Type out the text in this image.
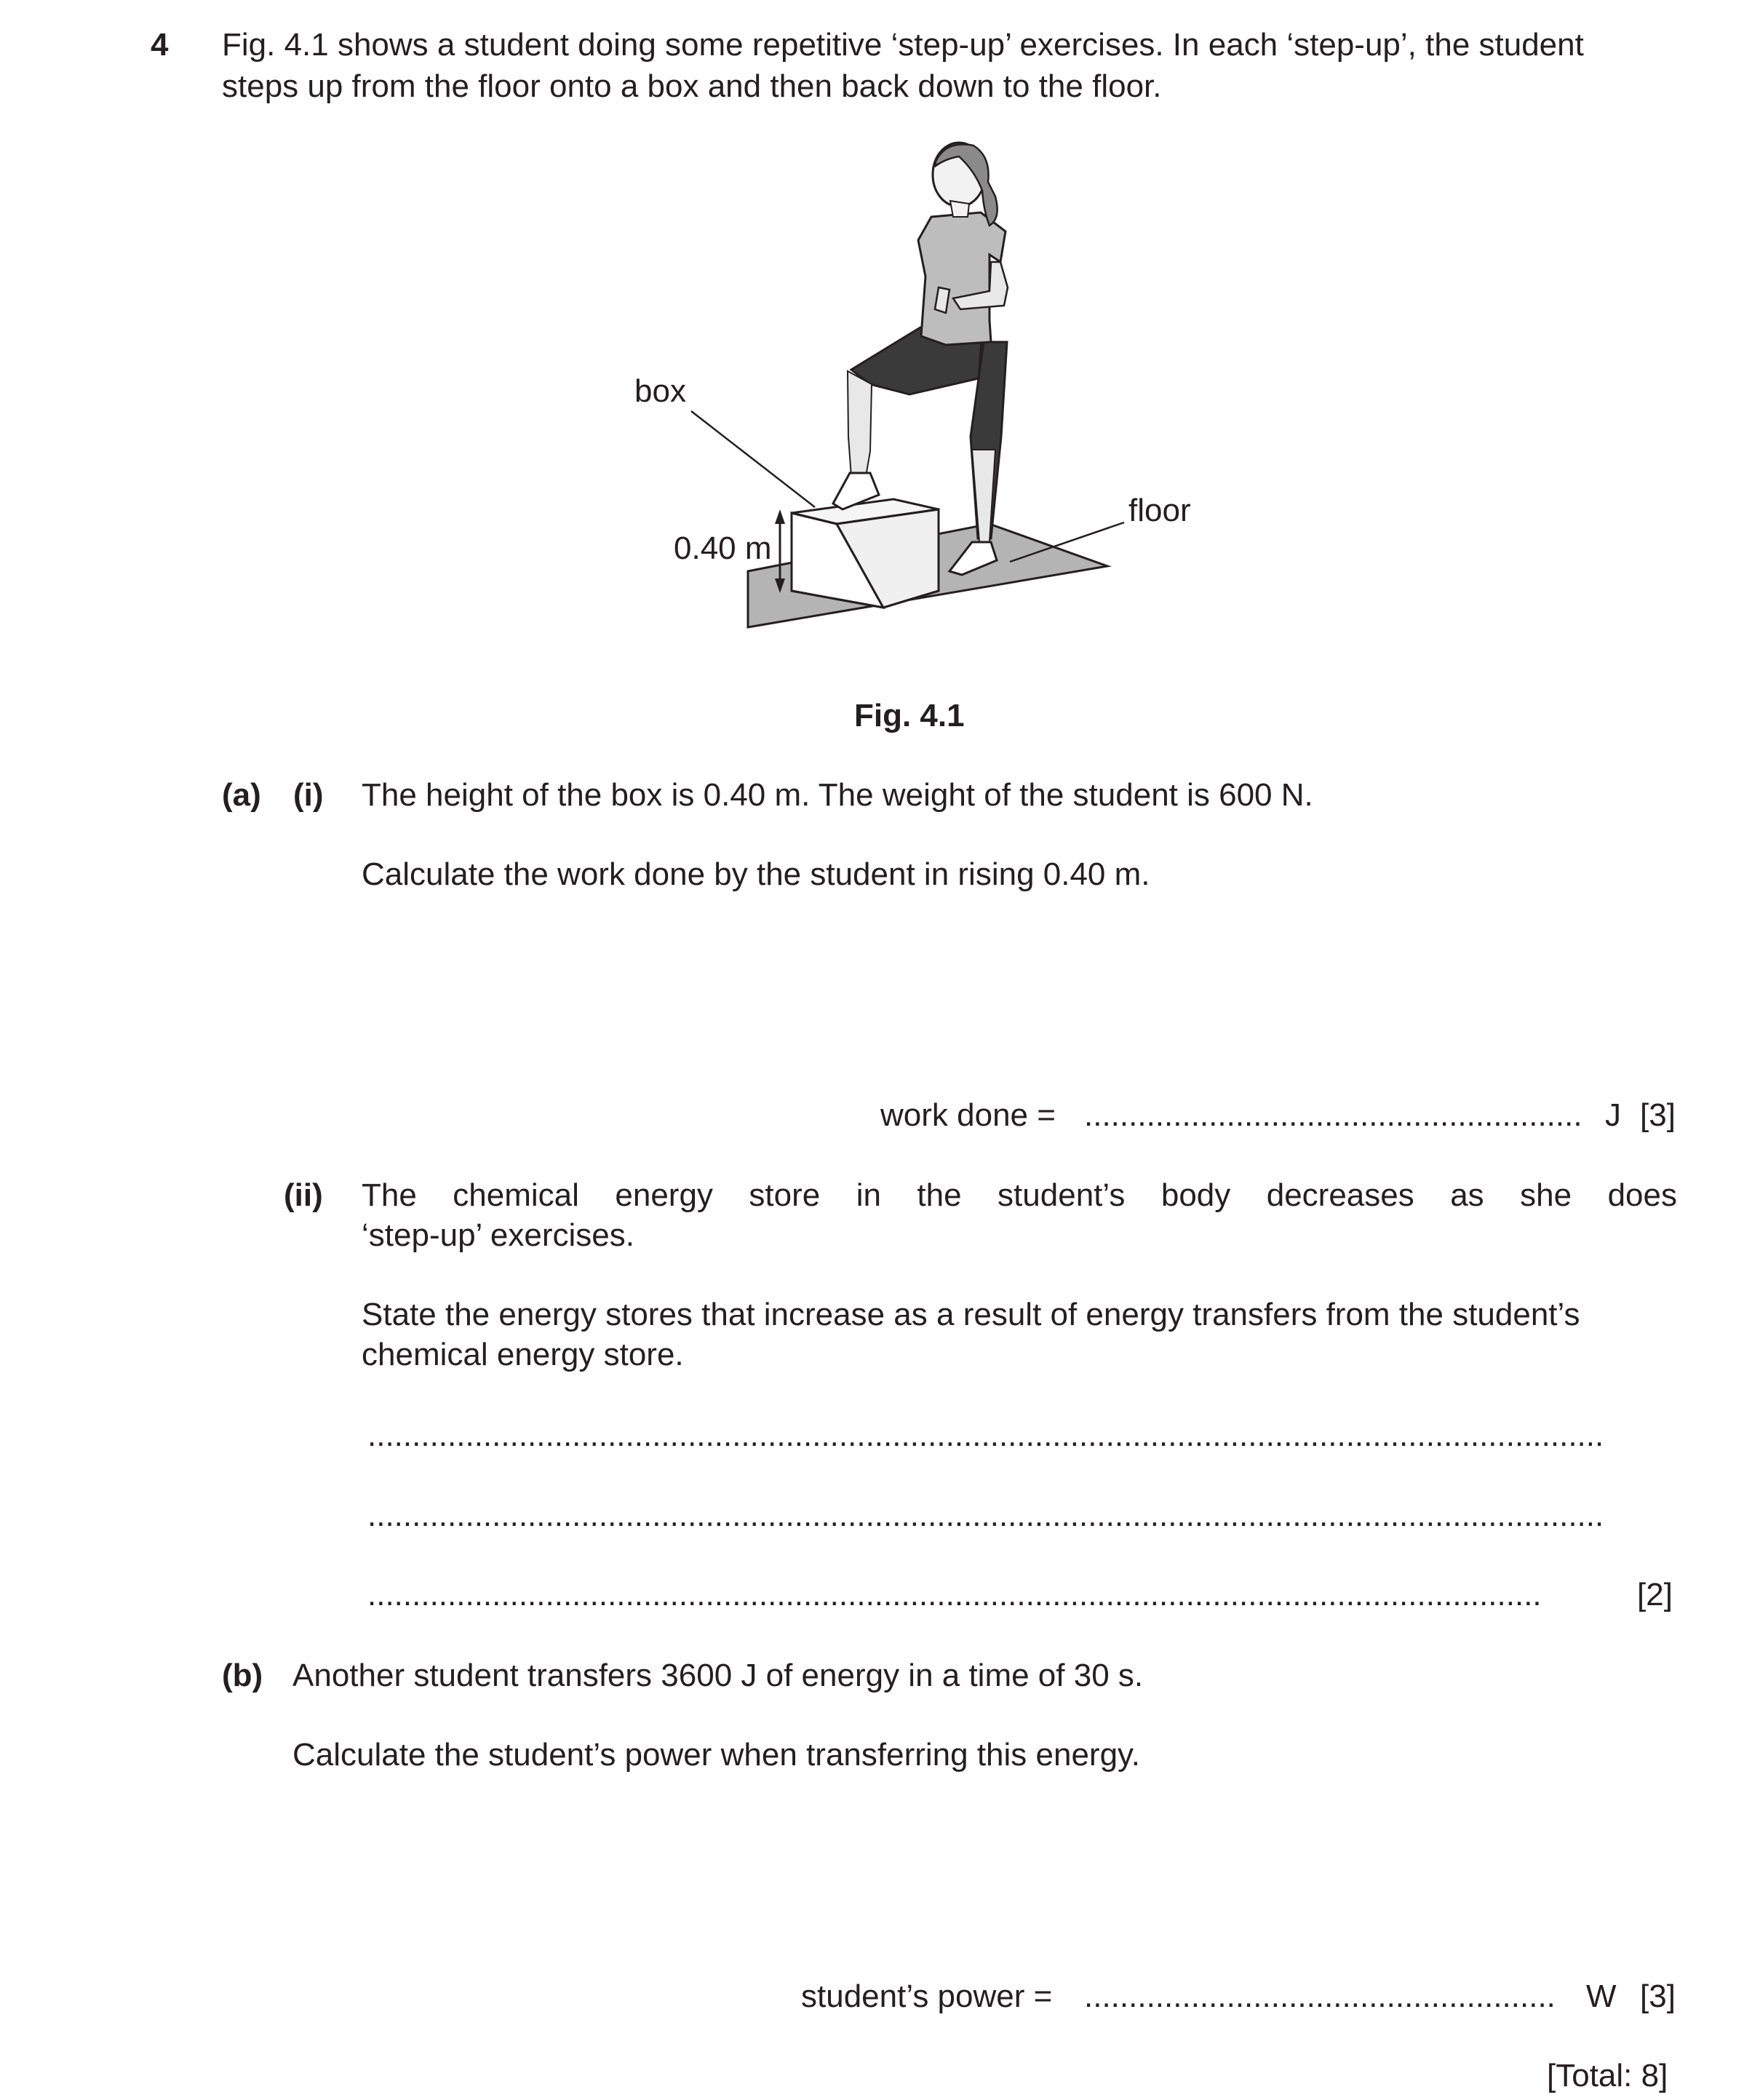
4 Fig. 4.1 shows a student doing some repetitive ‘step-up’ exercises. In each ‘step-up’, the student
steps up from the floor onto a box and then back down to the floor.
box
0.40 m
floor
Fig. 4.1
(a) (i) The height of the box is 0.40 m. The weight of the student is 600 N.
Calculate the work done by the student in rising 0.40 m.
work done = ........................................................ J [3]
(ii) The chemical energy store in the student’s body decreases as she does
‘step-up’ exercises.
State the energy stores that increase as a result of energy transfers from the student’s
chemical energy store.
...........................................................................................................................................
...........................................................................................................................................
....................................................................................................................................	[2]
(b) Another student transfers 3600 J of energy in a time of 30 s.
Calculate the student’s power when transferring this energy.
student’s power = ..................................................... W [3]
[Total: 8]
